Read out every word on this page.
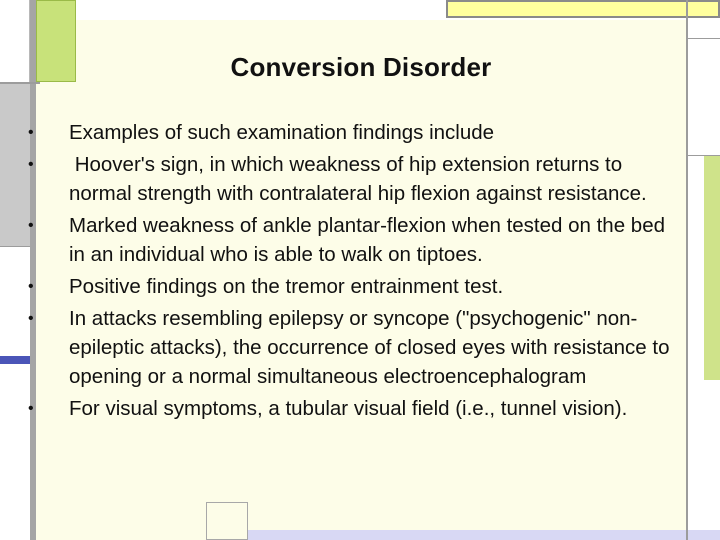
Conversion Disorder
•	Examples of such examination findings include
•	Hoover's sign, in which weakness of hip extension returns to normal strength with contralateral hip flexion against resistance.
•	Marked weakness of ankle plantar-flexion when tested on the bed in an individual who is able to walk on tiptoes.
•	Positive findings on the tremor entrainment test.
•	In attacks resembling epilepsy or syncope ("psychogenic" non-epileptic attacks), the occurrence of closed eyes with resistance to opening or a normal simultaneous electroencephalogram
•	For visual symptoms, a tubular visual field (i.e., tunnel vision).
